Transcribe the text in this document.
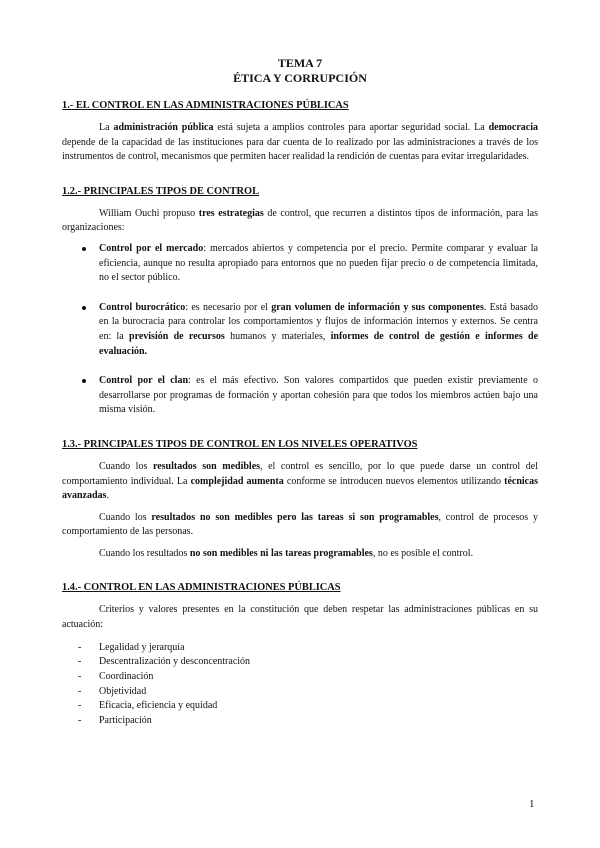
TEMA 7

ÉTICA Y CORRUPCIÓN

1.- EL CONTROL EN LAS ADMINISTRACIONES PÚBLICAS

La administración pública está sujeta a amplios controles para aportar seguridad social. La democracia depende de la capacidad de las instituciones para dar cuenta de lo realizado por las administraciones a través de los instrumentos de control, mecanismos que permiten hacer realidad la rendición de cuentas para evitar irregularidades.

1.2.- PRINCIPALES TIPOS DE CONTROL

William Ouchi propuso tres estrategias de control, que recurren a distintos tipos de información, para las organizaciones:

Control por el mercado: mercados abiertos y competencia por el precio. Permite comparar y evaluar la eficiencia, aunque no resulta apropiado para entornos que no pueden fijar precio o de competencia limitada, no el sector público.
Control burocrático: es necesario por el gran volumen de información y sus componentes. Está basado en la burocracia para controlar los comportamientos y flujos de información internos y externos. Se centra en: la previsión de recursos humanos y materiales, informes de control de gestión e informes de evaluación.
Control por el clan: es el más efectivo. Son valores compartidos que pueden existir previamente o desarrollarse por programas de formación y aportan cohesión para que todos los miembros actúen bajo una misma visión.
1.3.- PRINCIPALES TIPOS DE CONTROL EN LOS NIVELES OPERATIVOS

Cuando los resultados son medibles, el control es sencillo, por lo que puede darse un control del comportamiento individual. La complejidad aumenta conforme se introducen nuevos elementos utilizando técnicas avanzadas.

Cuando los resultados no son medibles pero las tareas si son programables, control de procesos y comportamiento de las personas.

Cuando los resultados no son medibles ni las tareas programables, no es posible el control.

1.4.- CONTROL EN LAS ADMINISTRACIONES PÚBLICAS

Criterios y valores presentes en la constitución que deben respetar las administraciones públicas en su actuación:

- Legalidad y jerarquía
- Descentralización y desconcentración
- Coordinación
- Objetividad
- Eficacia, eficiencia y equidad
- Participación
1
